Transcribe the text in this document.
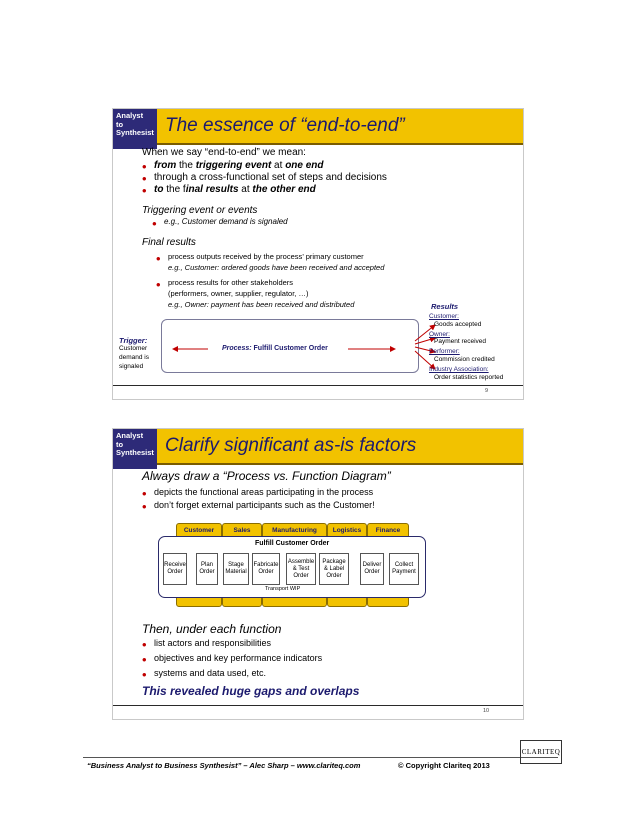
Analyst
to
Synthesist The essence of “end-to-end”
When we say “end-to-end” we mean:
• from the triggering event at one end
• through a cross-functional set of steps and decisions
• to the final results at the other end
Triggering event or events
• e.g., Customer demand is signaled
Final results
• process outputs received by the process’ primary customer
e.g., Customer: ordered goods have been received and accepted
• process results for other stakeholders
(performers, owner, supplier, regulator, …)
e.g., Owner: payment has been received and distributed
Trigger:
Customer
demand is
signaled
Process: Fulfill Customer Order
Results
Customer:
Goods accepted
Owner:
Payment received
Performer:
Commission credited
Industry Association:
Order statistics reported
9
Analyst
to
Synthesist Clarify significant as-is factors
Always draw a “Process vs. Function Diagram”
• depicts the functional areas participating in the process
• don’t forget external participants such as the Customer!
Customer	Sales	Manufacturing	Logistics	Finance
Fulfill Customer Order
Receive Order
Plan Order
Stage Material
Fabricate Order
Assemble & Test Order
Package & Label Order
Deliver Order
Collect Payment
Transport WIP
Then, under each function
• list actors and responsibilities
• objectives and key performance indicators
• systems and data used, etc.
This revealed huge gaps and overlaps
10
“Business Analyst to Business Synthesist” – Alec Sharp – www.clariteq.com	© Copyright Clariteq 2013
CLARITEQ
